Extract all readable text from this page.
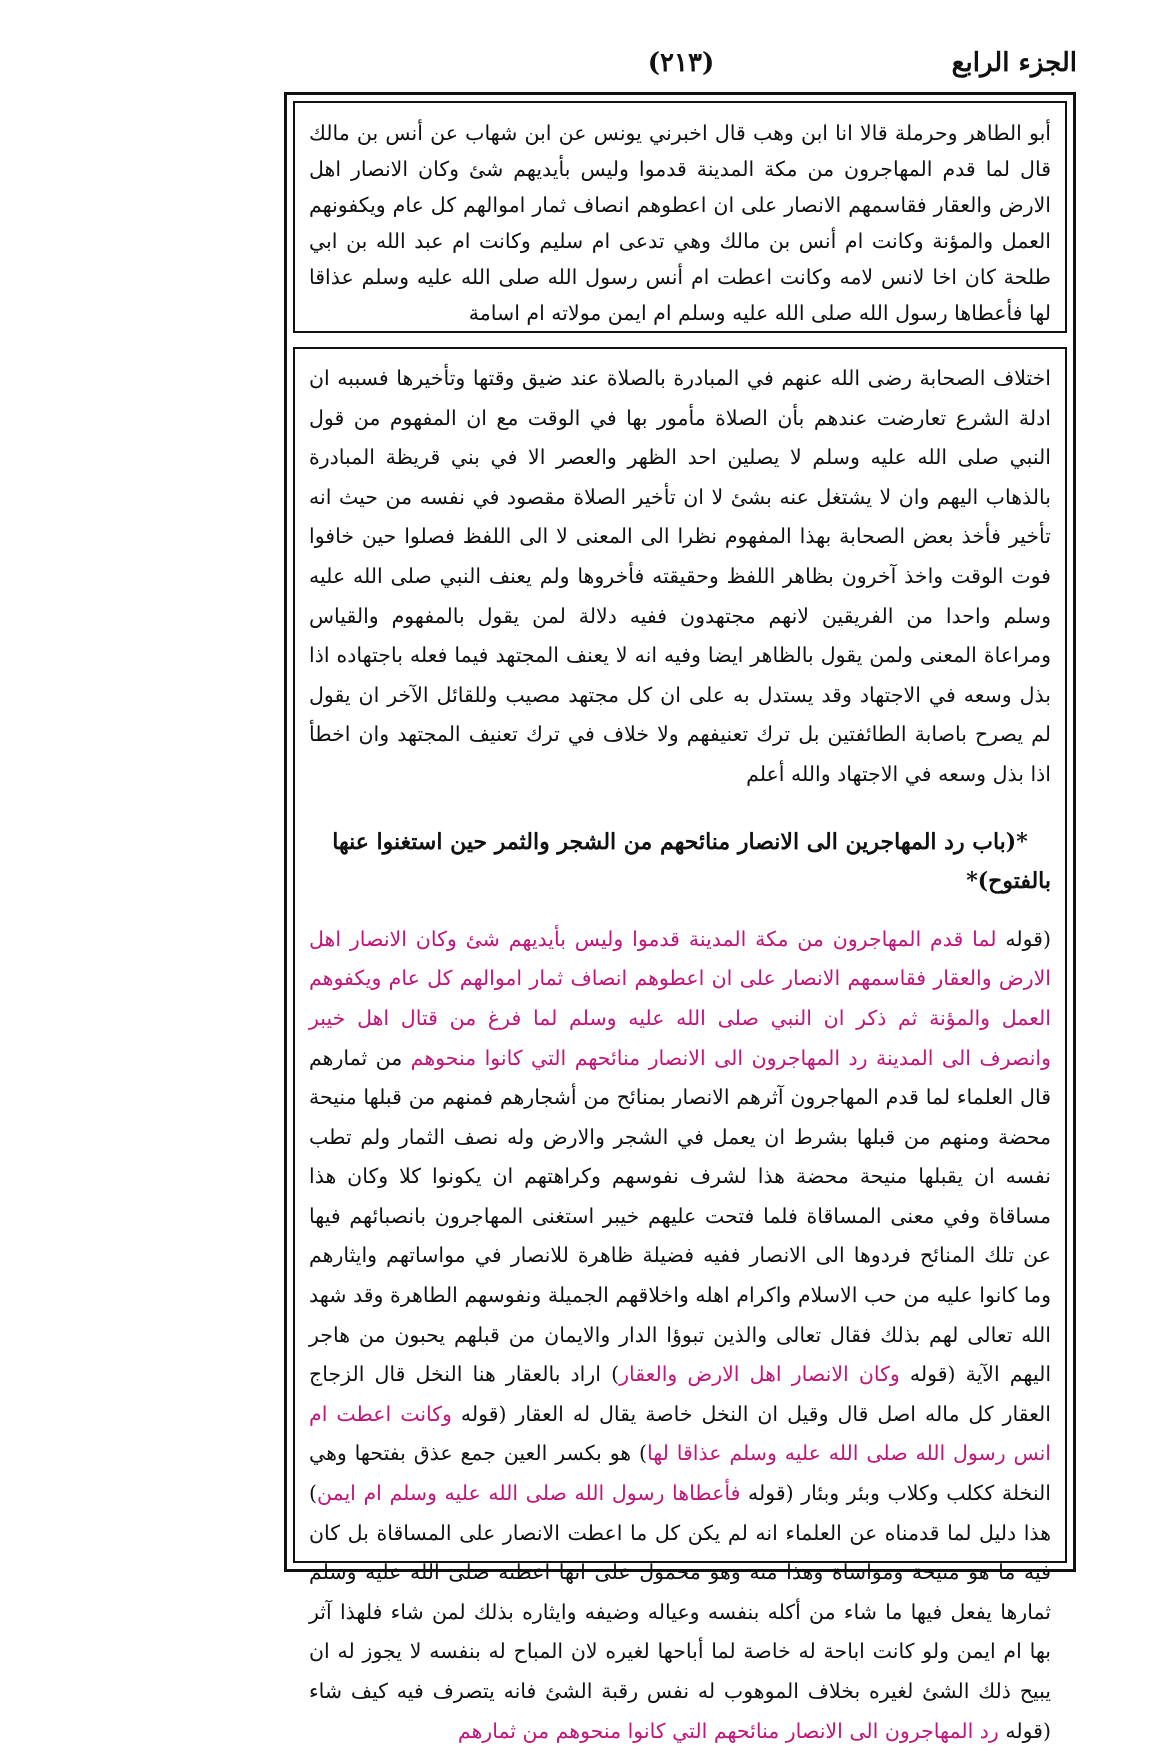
الجزء الرابع
(٢١٣)
أبو الطاهر وحرملة قالا انا ابن وهب قال اخبرني يونس عن ابن شهاب عن أنس بن مالك قال لما قدم المهاجرون من مكة المدينة قدموا وليس بأيديهم شئ وكان الانصار اهل الارض والعقار فقاسمهم الانصار على ان اعطوهم انصاف ثمار اموالهم كل عام ويكفونهم العمل والمؤنة وكانت ام أنس بن مالك وهي تدعى ام سليم وكانت ام عبد الله بن ابي طلحة كان اخا لانس لامه وكانت اعطت ام أنس رسول الله صلى الله عليه وسلم عذاقا لها فأعطاها رسول الله صلى الله عليه وسلم ام ايمن مولاته ام اسامة

اختلاف الصحابة رضى الله عنهم في المبادرة بالصلاة عند ضيق وقتها وتأخيرها فسببه ان ادلة الشرع تعارضت عندهم بأن الصلاة مأمور بها في الوقت مع ان المفهوم من قول النبي صلى الله عليه وسلم لا يصلين احد الظهر والعصر الا في بني قريظة المبادرة بالذهاب اليهم وان لا يشتغل عنه بشئ لا ان تأخير الصلاة مقصود في نفسه من حيث انه تأخير فأخذ بعض الصحابة بهذا المفهوم نظرا الى المعنى لا الى اللفظ فصلوا حين خافوا فوت الوقت واخذ آخرون بظاهر اللفظ وحقيقته فأخروها ولم يعنف النبي صلى الله عليه وسلم واحدا من الفريقين لانهم مجتهدون ففيه دلالة لمن يقول بالمفهوم والقياس ومراعاة المعنى ولمن يقول بالظاهر ايضا وفيه انه لا يعنف المجتهد فيما فعله باجتهاده اذا بذل وسعه في الاجتهاد وقد يستدل به على ان كل مجتهد مصيب وللقائل الآخر ان يقول لم يصرح باصابة الطائفتين بل ترك تعنيفهم ولا خلاف في ترك تعنيف المجتهد وان اخطأ اذا بذل وسعه في الاجتهاد والله أعلم

*(باب رد المهاجرين الى الانصار منائحهم من الشجر والثمر حين استغنوا عنها بالفتوح)*

(قوله لما قدم المهاجرون من مكة المدينة قدموا وليس بأيديهم شئ وكان الانصار اهل الارض والعقار فقاسمهم الانصار على ان اعطوهم انصاف ثمار اموالهم كل عام ويكفوهم العمل والمؤنة ثم ذكر ان النبي صلى الله عليه وسلم لما فرغ من قتال اهل خيبر وانصرف الى المدينة رد المهاجرون الى الانصار منائحهم التي كانوا منحوهم من ثمارهم قال العلماء لما قدم المهاجرون آثرهم الانصار بمنائح من أشجارهم فمنهم من قبلها منيحة محضة ومنهم من قبلها بشرط ان يعمل في الشجر والارض وله نصف الثمار ولم تطب نفسه ان يقبلها منيحة محضة هذا لشرف نفوسهم وكراهتهم ان يكونوا كلا وكان هذا مساقاة وفي معنى المساقاة فلما فتحت عليهم خيبر استغنى المهاجرون بانصبائهم فيها عن تلك المنائح فردوها الى الانصار ففيه فضيلة ظاهرة للانصار في مواساتهم وايثارهم وما كانوا عليه من حب الاسلام واكرام اهله واخلاقهم الجميلة ونفوسهم الطاهرة وقد شهد الله تعالى لهم بذلك فقال تعالى والذين تبوؤا الدار والايمان من قبلهم يحبون من هاجر اليهم الآية (قوله وكان الانصار اهل الارض والعقار) اراد بالعقار هنا النخل قال الزجاج العقار كل ماله اصل قال وقيل ان النخل خاصة يقال له العقار (قوله وكانت اعطت ام انس رسول الله صلى الله عليه وسلم عذاقا لها) هو بكسر العين جمع عذق بفتحها وهي النخلة ككلب وكلاب وبئر وبئار (قوله فأعطاها رسول الله صلى الله عليه وسلم ام ايمن) هذا دليل لما قدمناه عن العلماء انه لم يكن كل ما اعطت الانصار على المساقاة بل كان فيه ما هو منيحة ومواساة وهذا منه وهو محمول على انها اعطته صلى الله عليه وسلم ثمارها يفعل فيها ما شاء من أكله بنفسه وعياله وضيفه وايثاره بذلك لمن شاء فلهذا آثر بها ام ايمن ولو كانت اباحة له خاصة لما أباحها لغيره لان المباح له بنفسه لا يجوز له ان يبيح ذلك الشئ لغيره بخلاف الموهوب له نفس رقبة الشئ فانه يتصرف فيه كيف شاء (قوله رد المهاجرون الى الانصار منائحهم التي كانوا منحوهم من ثمارهم
